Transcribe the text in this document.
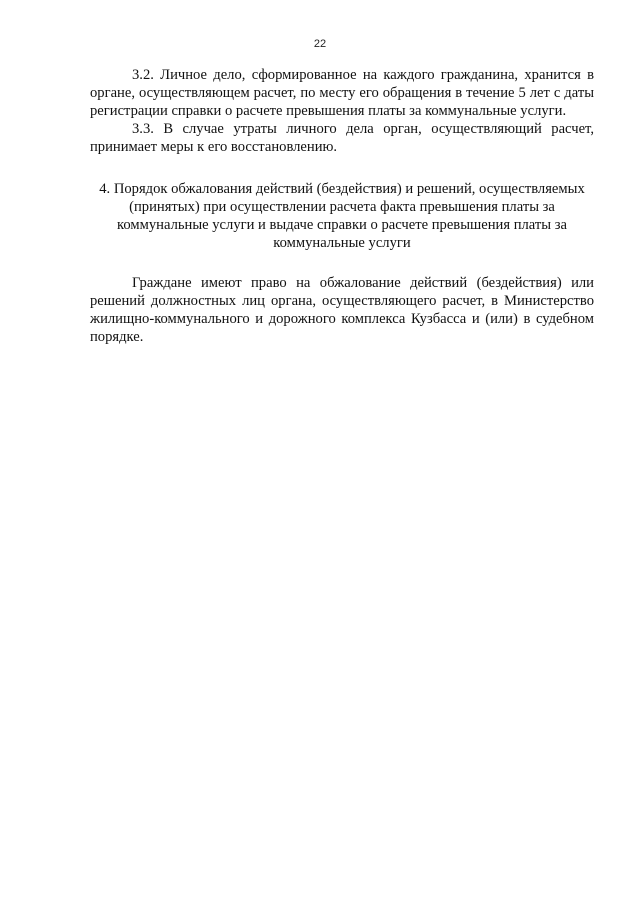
22

3.2. Личное дело, сформированное на каждого гражданина, хранится в органе, осуществляющем расчет, по месту его обращения в течение 5 лет с даты регистрации справки о расчете превышения платы за коммунальные услуги.

3.3. В случае утраты личного дела орган, осуществляющий расчет, принимает меры к его восстановлению.

4. Порядок обжалования действий (бездействия) и решений, осуществляемых (принятых) при осуществлении расчета факта превышения платы за коммунальные услуги и выдаче справки о расчете превышения платы за коммунальные услуги

Граждане имеют право на обжалование действий (бездействия) или решений должностных лиц органа, осуществляющего расчет, в Министерство жилищно-коммунального и дорожного комплекса Кузбасса и (или) в судебном порядке.
